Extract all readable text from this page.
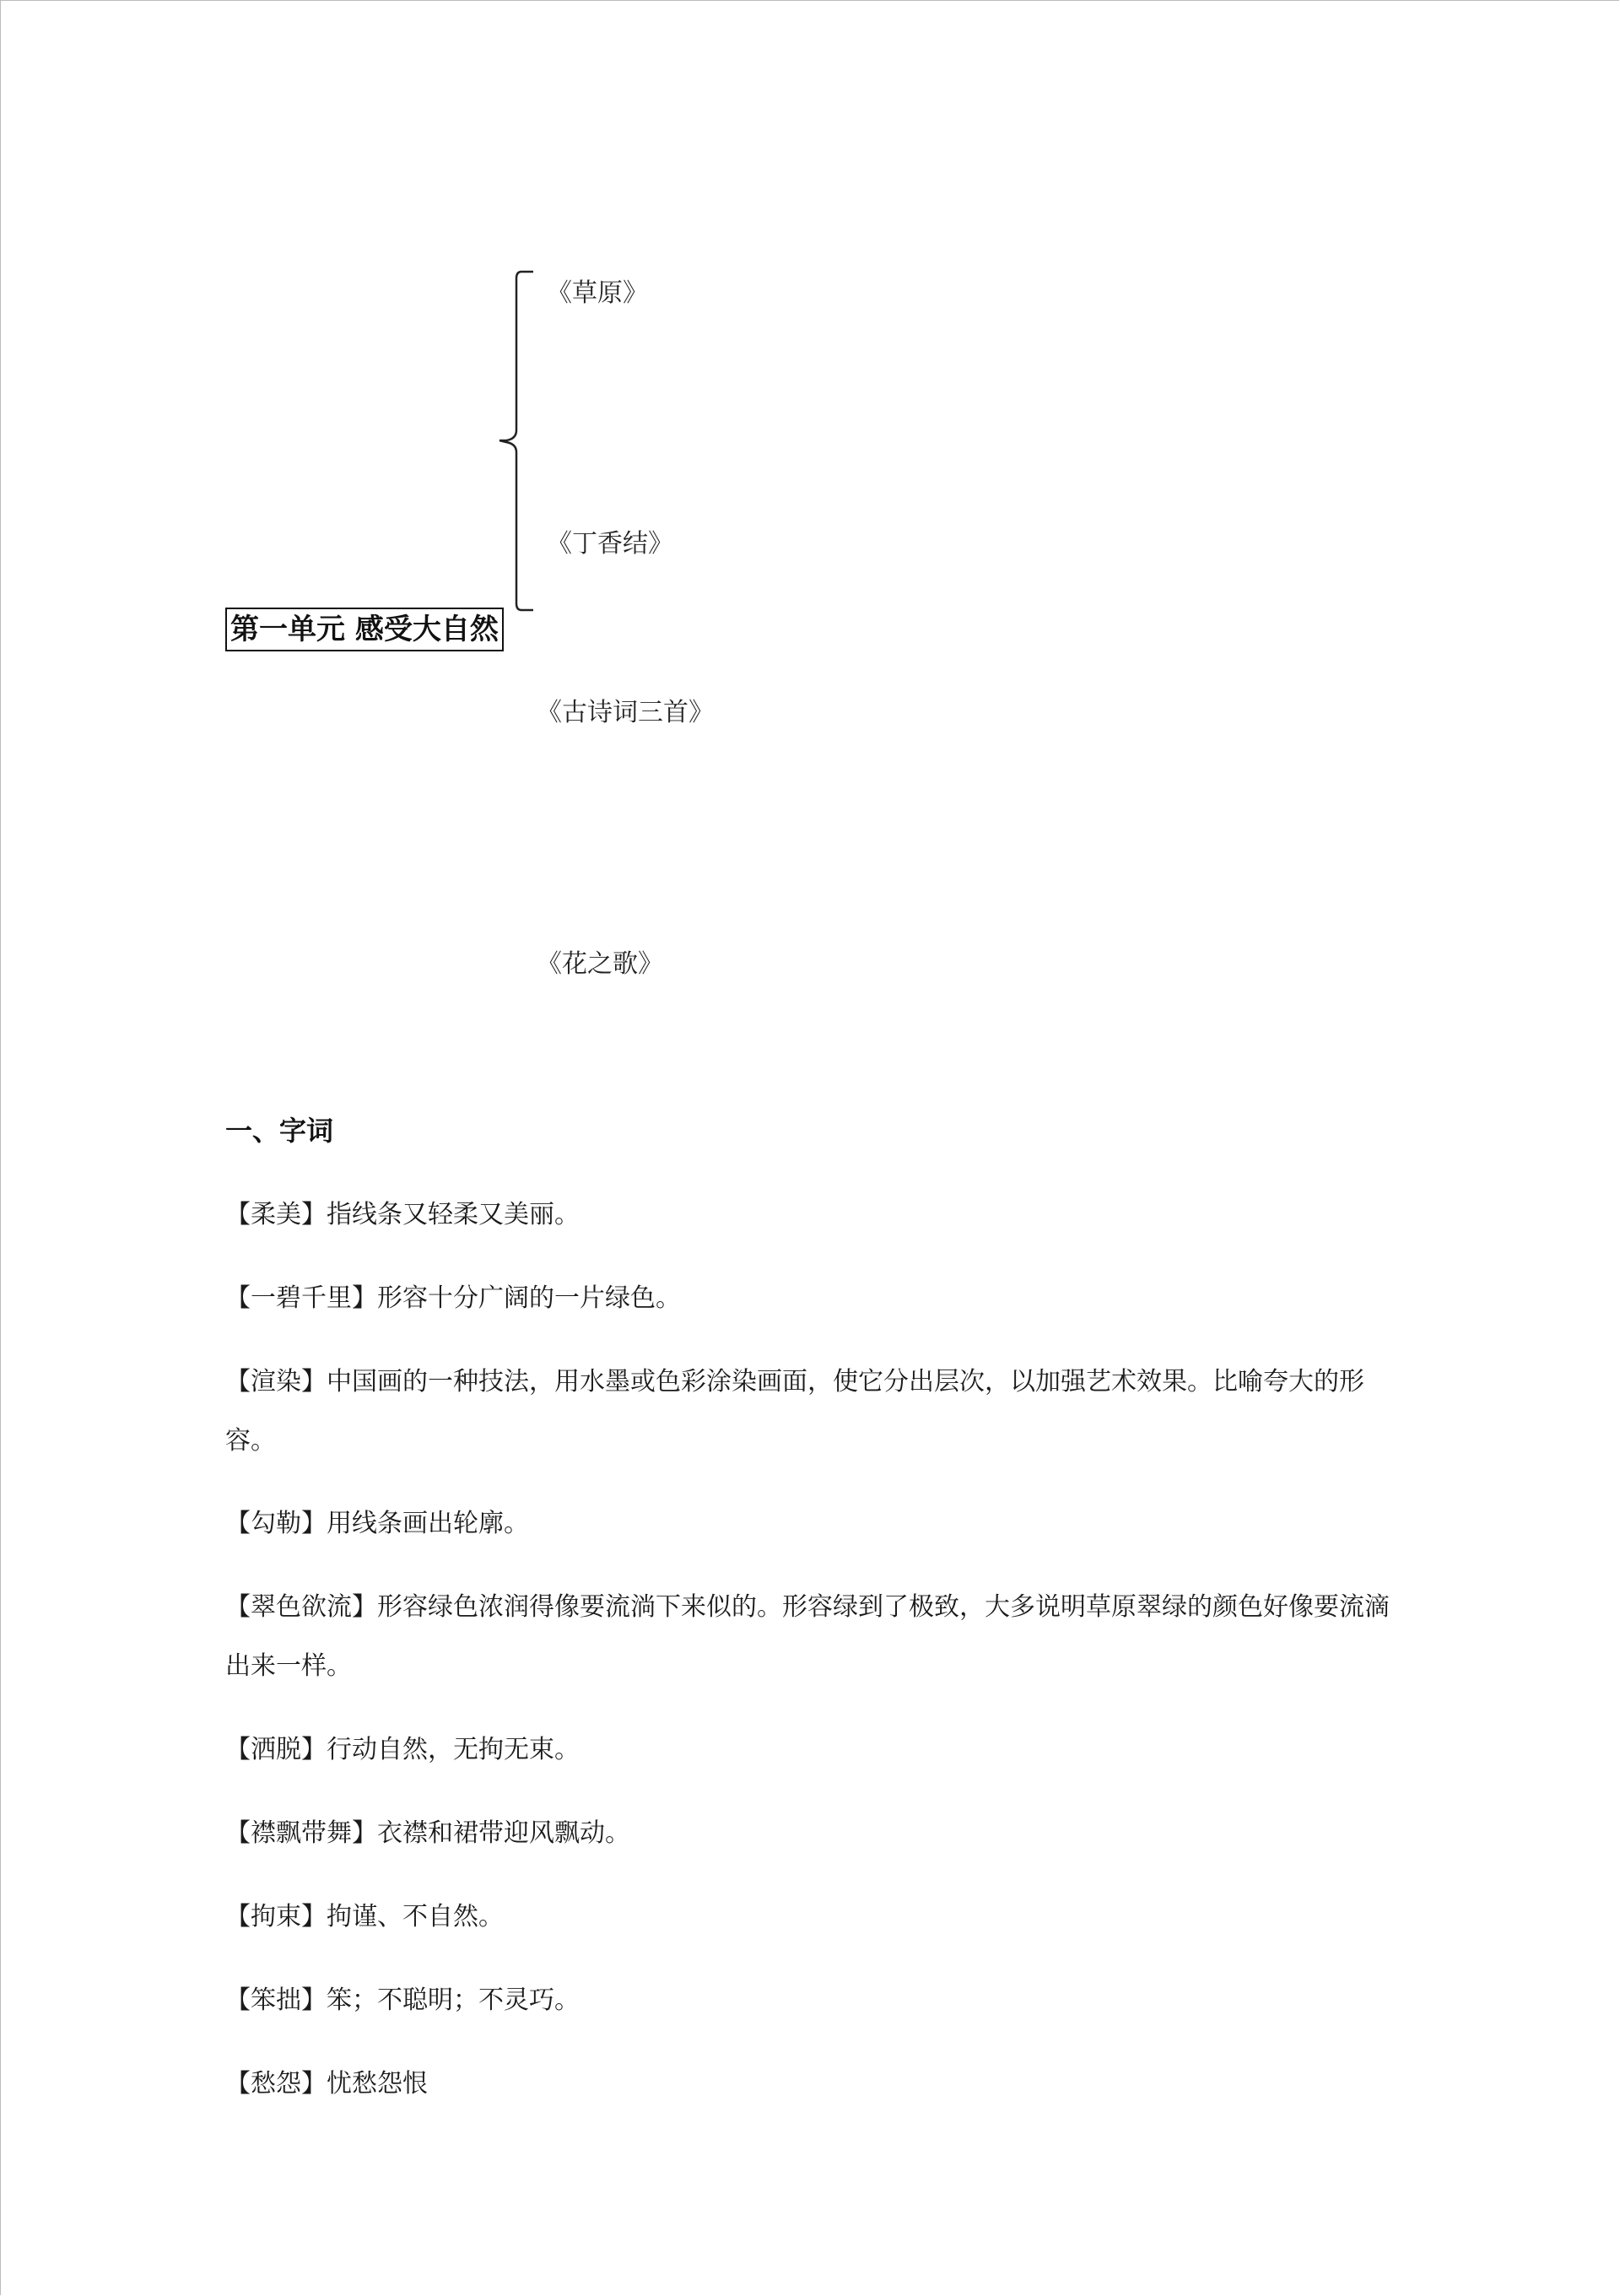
《草原》
《丁香结》
第一单元 感受大自然
《古诗词三首》
《花之歌》
一、字词
【柔美】指线条又轻柔又美丽。
【一碧千里】形容十分广阔的一片绿色。
【渲染】中国画的一种技法，用水墨或色彩涂染画面，使它分出层次，以加强艺术效果。比喻夸大的形容。
【勾勒】用线条画出轮廓。
【翠色欲流】形容绿色浓润得像要流淌下来似的。形容绿到了极致，大多说明草原翠绿的颜色好像要流滴出来一样。
【洒脱】行动自然，无拘无束。
【襟飘带舞】衣襟和裙带迎风飘动。
【拘束】拘谨、不自然。
【笨拙】笨；不聪明；不灵巧。
【愁怨】忧愁怨恨
